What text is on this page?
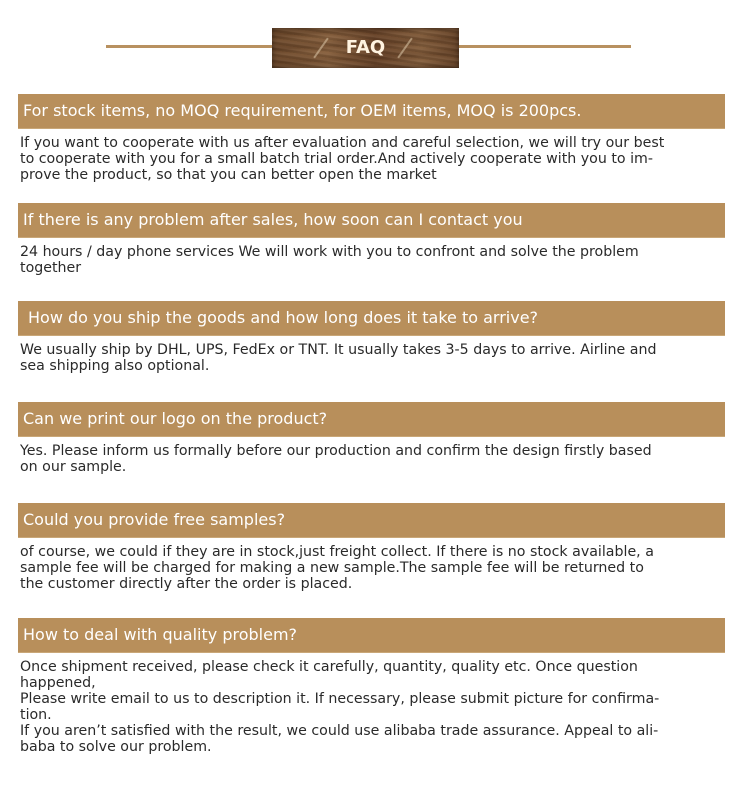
FAQ
For stock items, no MOQ requirement, for OEM items, MOQ is 200pcs.

If you want to cooperate with us after evaluation and careful selection, we will try our best
to cooperate with you for a small batch trial order.And actively cooperate with you to im-
prove the product, so that you can better open the market

If there is any problem after sales, how soon can I contact you

24 hours / day phone services We will work with you to confront and solve the problem
together

How do you ship the goods and how long does it take to arrive?

We usually ship by DHL, UPS, FedEx or TNT. It usually takes 3-5 days to arrive. Airline and
sea shipping also optional.

Can we print our logo on the product?

Yes. Please inform us formally before our production and confirm the design firstly based
on our sample.

Could you provide free samples?

of course, we could if they are in stock,just freight collect. If there is no stock available, a
sample fee will be charged for making a new sample.The sample fee will be returned to
the customer directly after the order is placed.

How to deal with quality problem?

Once shipment received, please check it carefully, quantity, quality etc. Once question
happened,
Please write email to us to description it. If necessary, please submit picture for confirma-
tion.
If you aren’t satisfied with the result, we could use alibaba trade assurance. Appeal to ali-
baba to solve our problem.
